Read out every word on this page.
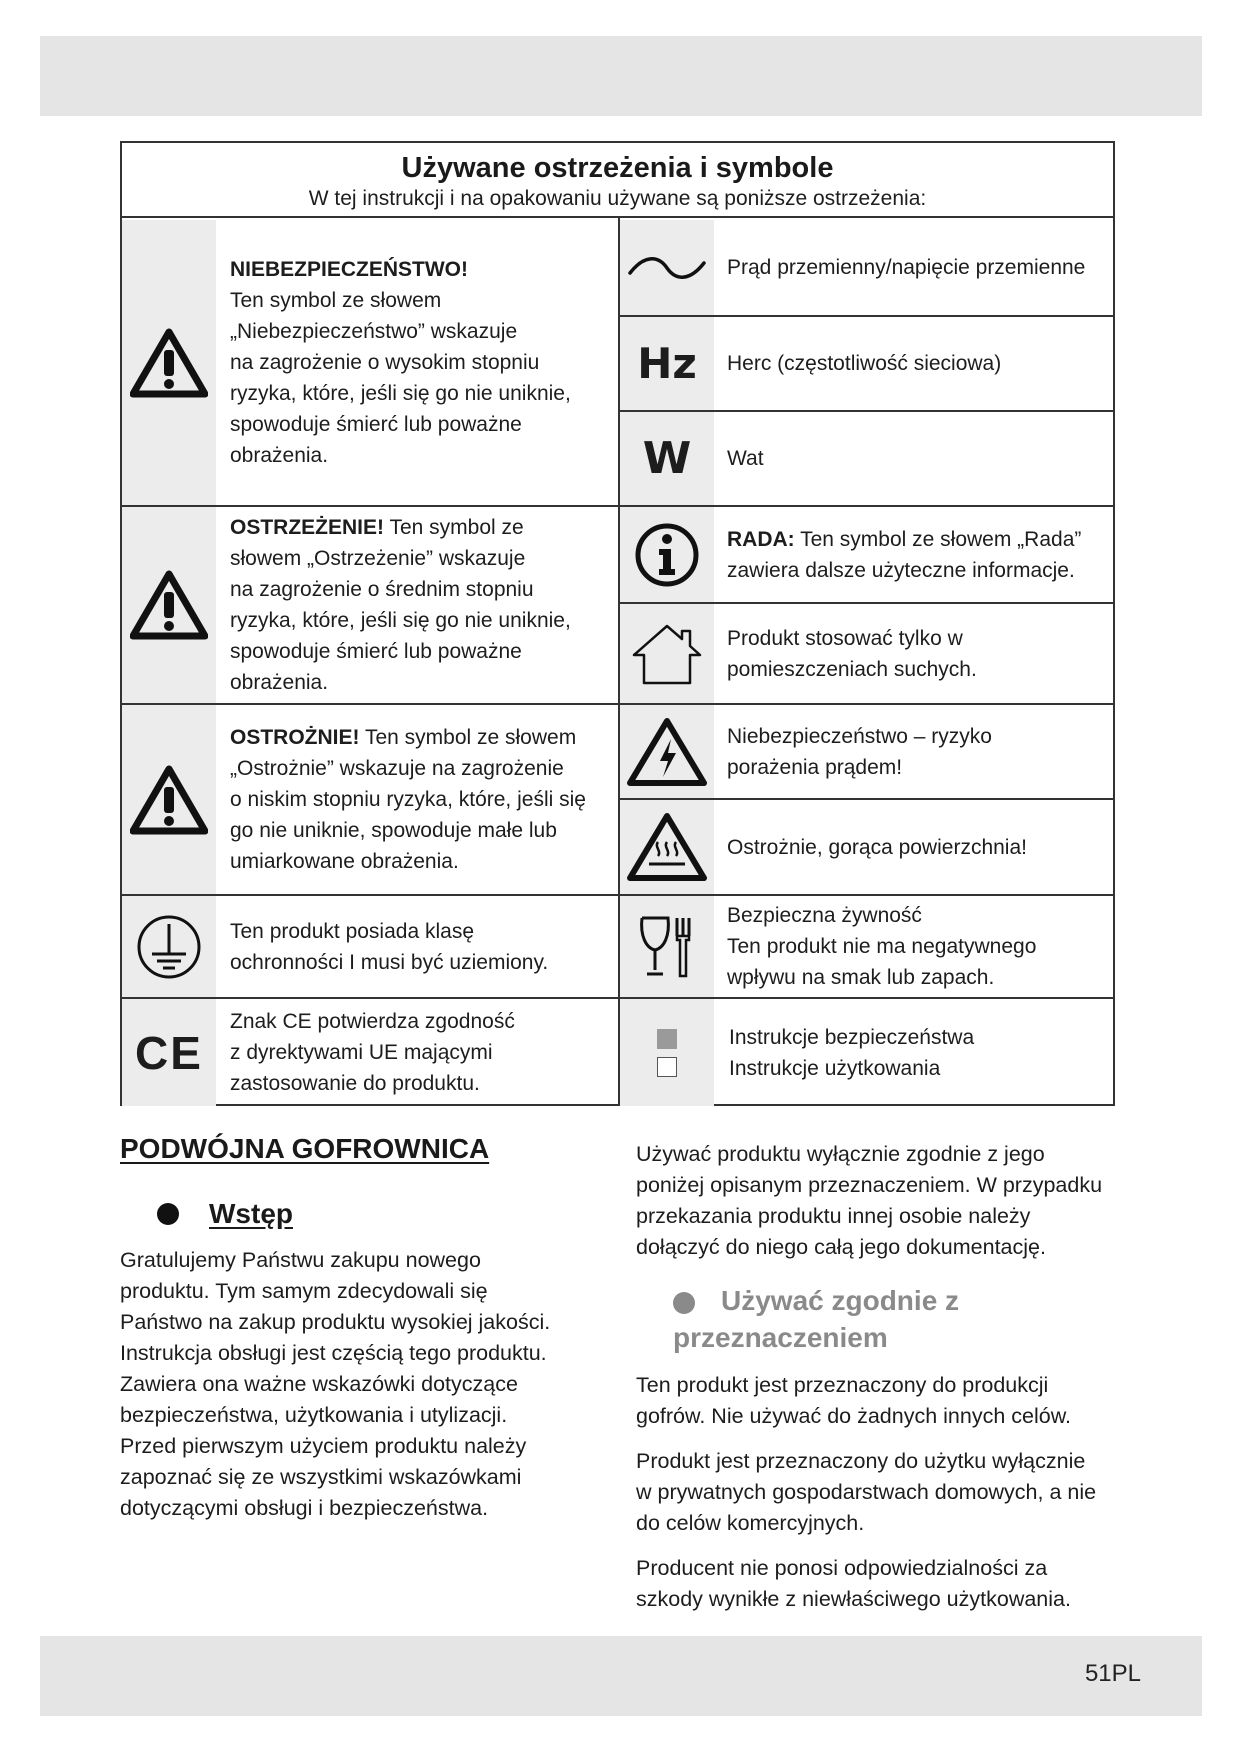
Używane ostrzeżenia i symbole

W tej instrukcji i na opakowaniu używane są poniższe ostrzeżenia:

NIEBEZPIECZEŃSTWO!
Ten symbol ze słowem
„Niebezpieczeństwo” wskazuje
na zagrożenie o wysokim stopniu
ryzyka, które, jeśli się go nie uniknie,
spowoduje śmierć lub poważne
obrażenia.
OSTRZEŻENIE! Ten symbol ze
słowem „Ostrzeżenie” wskazuje
na zagrożenie o średnim stopniu
ryzyka, które, jeśli się go nie uniknie,
spowoduje śmierć lub poważne
obrażenia.
OSTROŻNIE! Ten symbol ze słowem
„Ostrożnie” wskazuje na zagrożenie
o niskim stopniu ryzyka, które, jeśli się
go nie uniknie, spowoduje małe lub
umiarkowane obrażenia.
Ten produkt posiada klasę
ochronności I musi być uziemiony.
CE
Znak CE potwierdza zgodność
z dyrektywami UE mającymi
zastosowanie do produktu.
Prąd przemienny/napięcie przemienne
Hz Herc (częstotliwość sieciowa)
W Wat
RADA: Ten symbol ze słowem „Rada”
zawiera dalsze użyteczne informacje.
Produkt stosować tylko w
pomieszczeniach suchych.
Niebezpieczeństwo – ryzyko
porażenia prądem!
Ostrożnie, gorąca powierzchnia!
Bezpieczna żywność
Ten produkt nie ma negatywnego
wpływu na smak lub zapach.
Instrukcje bezpieczeństwa
Instrukcje użytkowania
PODWÓJNA GOFROWNICA
Wstęp
Gratulujemy Państwu zakupu nowego
produktu. Tym samym zdecydowali się
Państwo na zakup produktu wysokiej jakości.
Instrukcja obsługi jest częścią tego produktu.
Zawiera ona ważne wskazówki dotyczące
bezpieczeństwa, użytkowania i utylizacji.
Przed pierwszym użyciem produktu należy
zapoznać się ze wszystkimi wskazówkami
dotyczącymi obsługi i bezpieczeństwa.
Używać produktu wyłącznie zgodnie z jego
poniżej opisanym przeznaczeniem. W przypadku
przekazania produktu innej osobie należy
dołączyć do niego całą jego dokumentację.
Używać zgodnie z
przeznaczeniem
Ten produkt jest przeznaczony do produkcji
gofrów. Nie używać do żadnych innych celów.
Produkt jest przeznaczony do użytku wyłącznie
w prywatnych gospodarstwach domowych, a nie
do celów komercyjnych.
Producent nie ponosi odpowiedzialności za
szkody wynikłe z niewłaściwego użytkowania.
51PL
